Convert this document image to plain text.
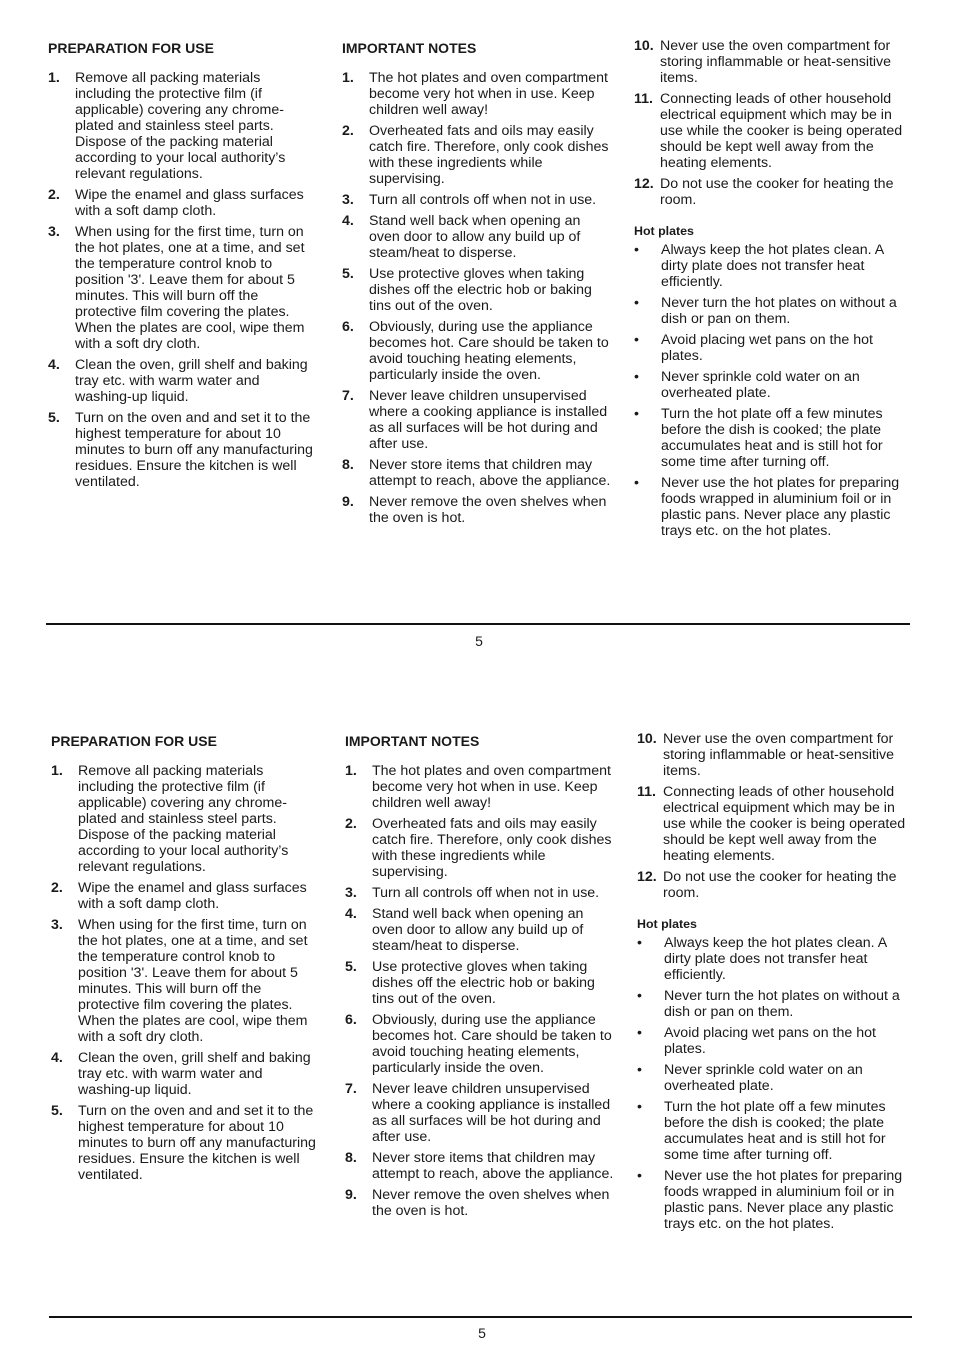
PREPARATION FOR USE

1. Remove all packing materials including the protective film (if applicable) covering any chrome-plated and stainless steel parts. Dispose of the packing material according to your local authority’s relevant regulations.
2. Wipe the enamel and glass surfaces with a soft damp cloth.
3. When using for the first time, turn on the hot plates, one at a time, and set the temperature control knob to position '3'. Leave them for about 5 minutes. This will burn off the protective film covering the plates. When the plates are cool, wipe them with a soft dry cloth.
4. Clean the oven, grill shelf and baking tray etc. with warm water and washing-up liquid.
5. Turn on the oven and and set it to the highest temperature for about 10 minutes to burn off any manufacturing residues. Ensure the kitchen is well ventilated.

IMPORTANT NOTES

1. The hot plates and oven compartment become very hot when in use. Keep children well away!
2. Overheated fats and oils may easily catch fire. Therefore, only cook dishes with these ingredients while supervising.
3. Turn all controls off when not in use.
4. Stand well back when opening an oven door to allow any build up of steam/heat to disperse.
5. Use protective gloves when taking dishes off the electric hob or baking tins out of the oven.
6. Obviously, during use the appliance becomes hot. Care should be taken to avoid touching heating elements, particularly inside the oven.
7. Never leave children unsupervised where a cooking appliance is installed as all surfaces will be hot during and after use.
8. Never store items that children may attempt to reach, above the appliance.
9. Never remove the oven shelves when the oven is hot.
10. Never use the oven compartment for storing inflammable or heat-sensitive items.
11. Connecting leads of other household electrical equipment which may be in use while the cooker is being operated should be kept well away from the heating elements.
12. Do not use the cooker for heating the room.

Hot plates

• Always keep the hot plates clean. A dirty plate does not transfer heat efficiently.
• Never turn the hot plates on without a dish or pan on them.
• Avoid placing wet pans on the hot plates.
• Never sprinkle cold water on an overheated plate.
• Turn the hot plate off a few minutes before the dish is cooked; the plate accumulates heat and is still hot for some time after turning off.
• Never use the hot plates for preparing foods wrapped in aluminium foil or in plastic pans. Never place any plastic trays etc. on the hot plates.
5

PREPARATION FOR USE

1. Remove all packing materials including the protective film (if applicable) covering any chrome-plated and stainless steel parts. Dispose of the packing material according to your local authority’s relevant regulations.
2. Wipe the enamel and glass surfaces with a soft damp cloth.
3. When using for the first time, turn on the hot plates, one at a time, and set the temperature control knob to position '3'. Leave them for about 5 minutes. This will burn off the protective film covering the plates. When the plates are cool, wipe them with a soft dry cloth.
4. Clean the oven, grill shelf and baking tray etc. with warm water and washing-up liquid.
5. Turn on the oven and and set it to the highest temperature for about 10 minutes to burn off any manufacturing residues. Ensure the kitchen is well ventilated.

IMPORTANT NOTES

1. The hot plates and oven compartment become very hot when in use. Keep children well away!
2. Overheated fats and oils may easily catch fire. Therefore, only cook dishes with these ingredients while supervising.
3. Turn all controls off when not in use.
4. Stand well back when opening an oven door to allow any build up of steam/heat to disperse.
5. Use protective gloves when taking dishes off the electric hob or baking tins out of the oven.
6. Obviously, during use the appliance becomes hot. Care should be taken to avoid touching heating elements, particularly inside the oven.
7. Never leave children unsupervised where a cooking appliance is installed as all surfaces will be hot during and after use.
8. Never store items that children may attempt to reach, above the appliance.
9. Never remove the oven shelves when the oven is hot.
10. Never use the oven compartment for storing inflammable or heat-sensitive items.
11. Connecting leads of other household electrical equipment which may be in use while the cooker is being operated should be kept well away from the heating elements.
12. Do not use the cooker for heating the room.

Hot plates

• Always keep the hot plates clean. A dirty plate does not transfer heat efficiently.
• Never turn the hot plates on without a dish or pan on them.
• Avoid placing wet pans on the hot plates.
• Never sprinkle cold water on an overheated plate.
• Turn the hot plate off a few minutes before the dish is cooked; the plate accumulates heat and is still hot for some time after turning off.
• Never use the hot plates for preparing foods wrapped in aluminium foil or in plastic pans. Never place any plastic trays etc. on the hot plates.
5
